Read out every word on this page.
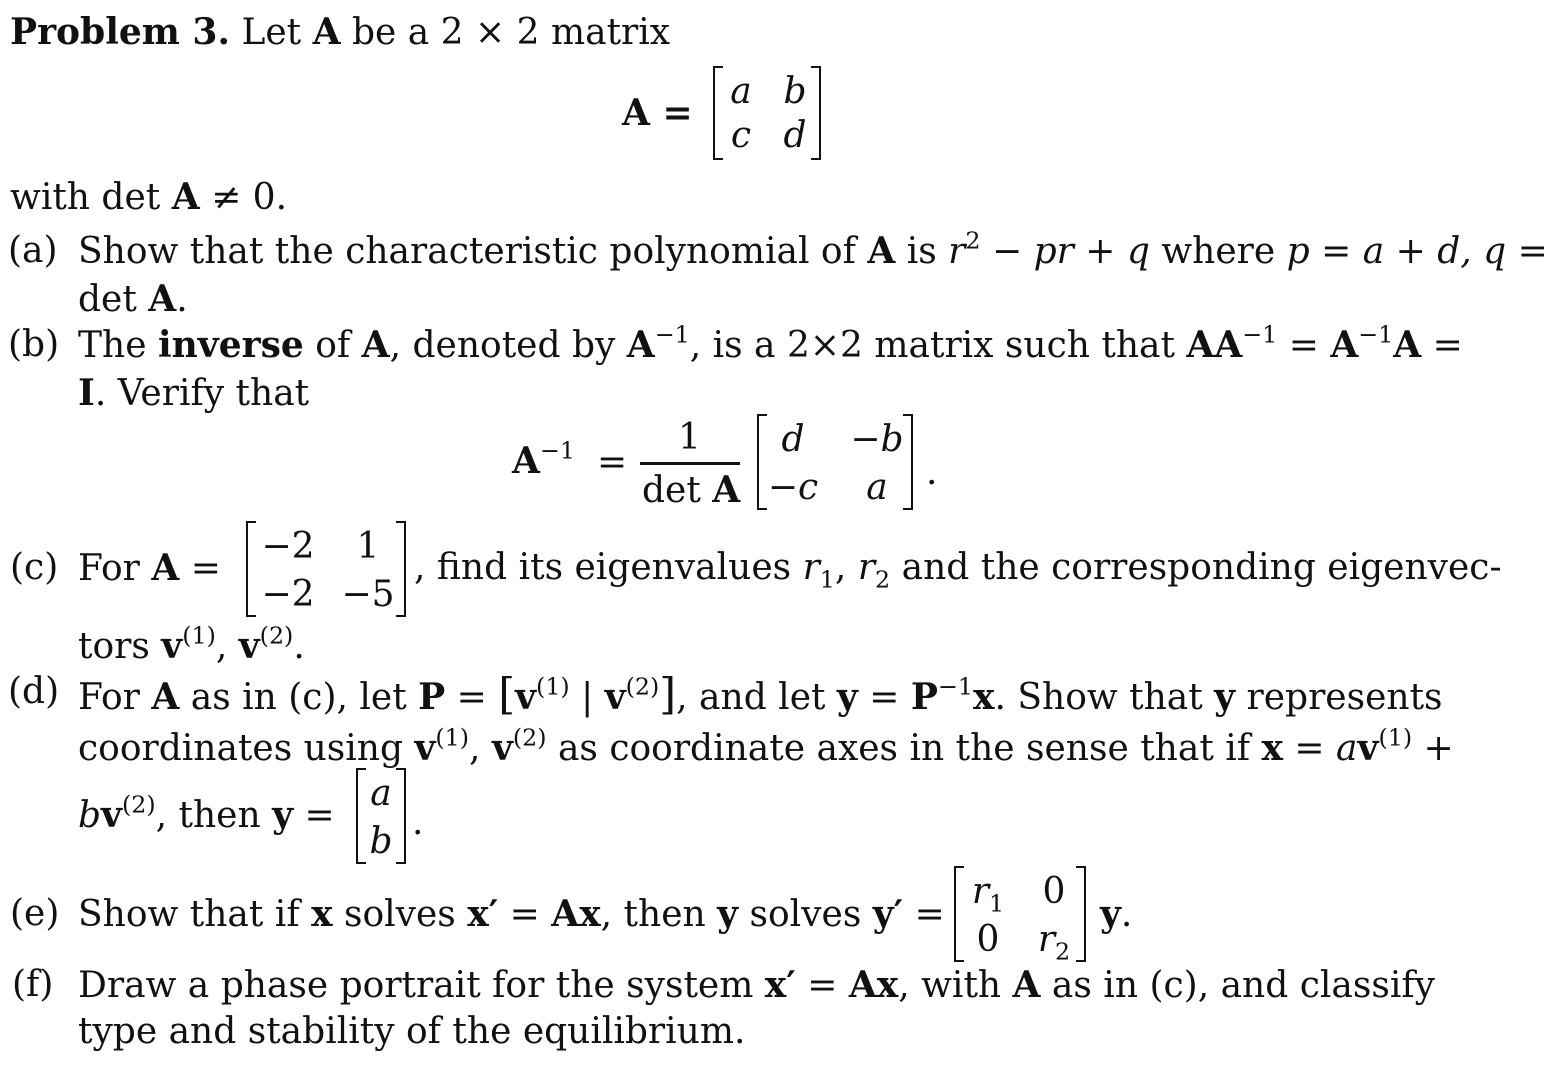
Problem 3. Let A be a 2 × 2 matrix
A =
a b
c d
with det A ≠ 0.
(a) Show that the characteristic polynomial of A is $r^2$ − pr + q where p = a + d, q =
det A.
(b) The inverse of A, denoted by $A^{-1}$, is a 2×2 matrix such that $AA^{-1} = A^{-1}A$ =
I. Verify that
$A^{-1}$ =
1
det A
d −b
−c a .
(c) For A =
−2 1
−2 −5
, find its eigenvalues $r_1$, $r_2$ and the corresponding eigenvec-
tors $v^{(1)}$, $v^{(2)}$.
(d) For A as in (c), let $P = [v^{(1)}$ | $v^{(2)}$], and let $y = P^{-1}x$. Show that y represents
coordinates using $v^{(1)}$, $v^{(2)}$ as coordinate axes in the sense that if $x = av^{(1)}$ +
$bv^{(2)}$, then y =
a
b .
(e) Show that if x solves x′ = Ax, then y solves y′ =
$r_1$ 0
0 $r_2$
y.
(f) Draw a phase portrait for the system x′ = Ax, with A as in (c), and classify
type and stability of the equilibrium.
